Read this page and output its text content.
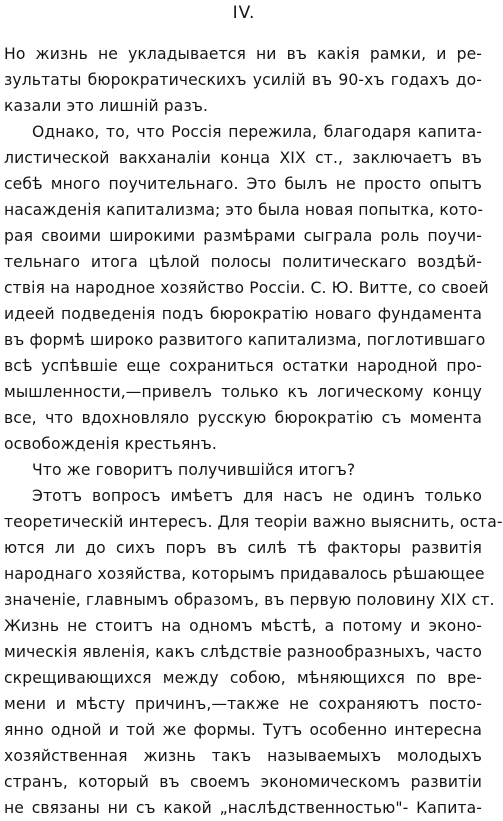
IV.
Но жизнь не укладывается ни въ какія рамки, и ре-
зультаты бюрократическихъ усилій въ 90-хъ годахъ до-
казали это лишній разъ.
Однако, то, что Россія пережила, благодаря капита-
листической вакханаліи конца XIX ст., заключаетъ въ
себѣ много поучительнаго. Это былъ не просто опытъ
насажденія капитализма; это была новая попытка, кото-
рая своими широкими размѣрами сыграла роль поучи-
тельнаго итога цѣлой полосы политическаго воздѣй-
ствія на народное хозяйство Россіи. С. Ю. Витте, со своей
идеей подведенія подъ бюрократію новаго фундамента
въ формѣ широко развитого капитализма, поглотившаго
всѣ успѣвшіе еще сохраниться остатки народной про-
мышленности,—привелъ только къ логическому концу
все, что вдохновляло русскую бюрократію съ момента
освобожденія крестьянъ.
Что же говоритъ получившійся итогъ?
Этотъ вопросъ имѣетъ для насъ не одинъ только
теоретическій интересъ. Для теоріи важно выяснить, оста-
ются ли до сихъ поръ въ силѣ тѣ факторы развитія
народнаго хозяйства, которымъ придавалось рѣшающее
значеніе, главнымъ образомъ, въ первую половину XIX ст.
Жизнь не стоитъ на одномъ мѣстѣ, а потому и эконо-
мическія явленія, какъ слѣдствіе разнообразныхъ, часто
скрещивающихся между собою, мѣняющихся по вре-
мени и мѣсту причинъ,—также не сохраняютъ посто-
янно одной и той же формы. Тутъ особенно интересна
хозяйственная жизнь такъ называемыхъ молодыхъ
странъ, который въ своемъ экономическомъ развитіи
не связаны ни съ какой „наслѣдственностью"- Капита-
